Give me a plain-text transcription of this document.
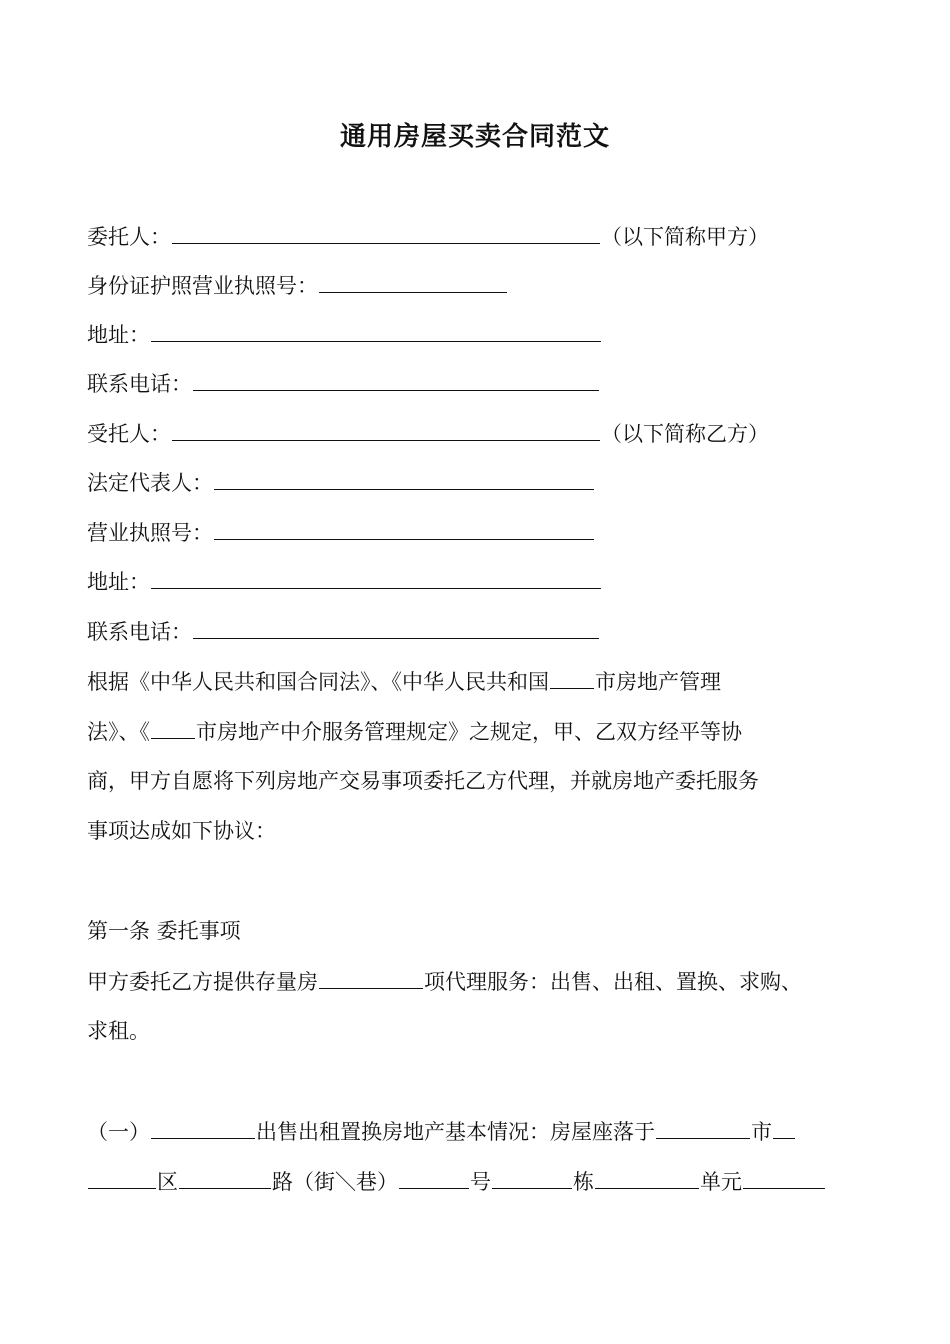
通用房屋买卖合同范文
委托人：	（以下简称甲方）
身份证护照营业执照号：
地址：
联系电话：
受托人：	（以下简称乙方）
法定代表人：
营业执照号：
地址：
联系电话：
根据《中华人民共和国合同法》、《中华人民共和国 市房地产管理
法》、《 市房地产中介服务管理规定》之规定，甲、乙双方经平等协
商，甲方自愿将下列房地产交易事项委托乙方代理，并就房地产委托服务
事项达成如下协议：
第一条 委托事项
甲方委托乙方提供存量房	项代理服务：出售、出租、置换、求购、
求租。
（一）	出售出租置换房地产基本情况：房屋座落于	市
区	路（街＼巷）	号	栋	单元
